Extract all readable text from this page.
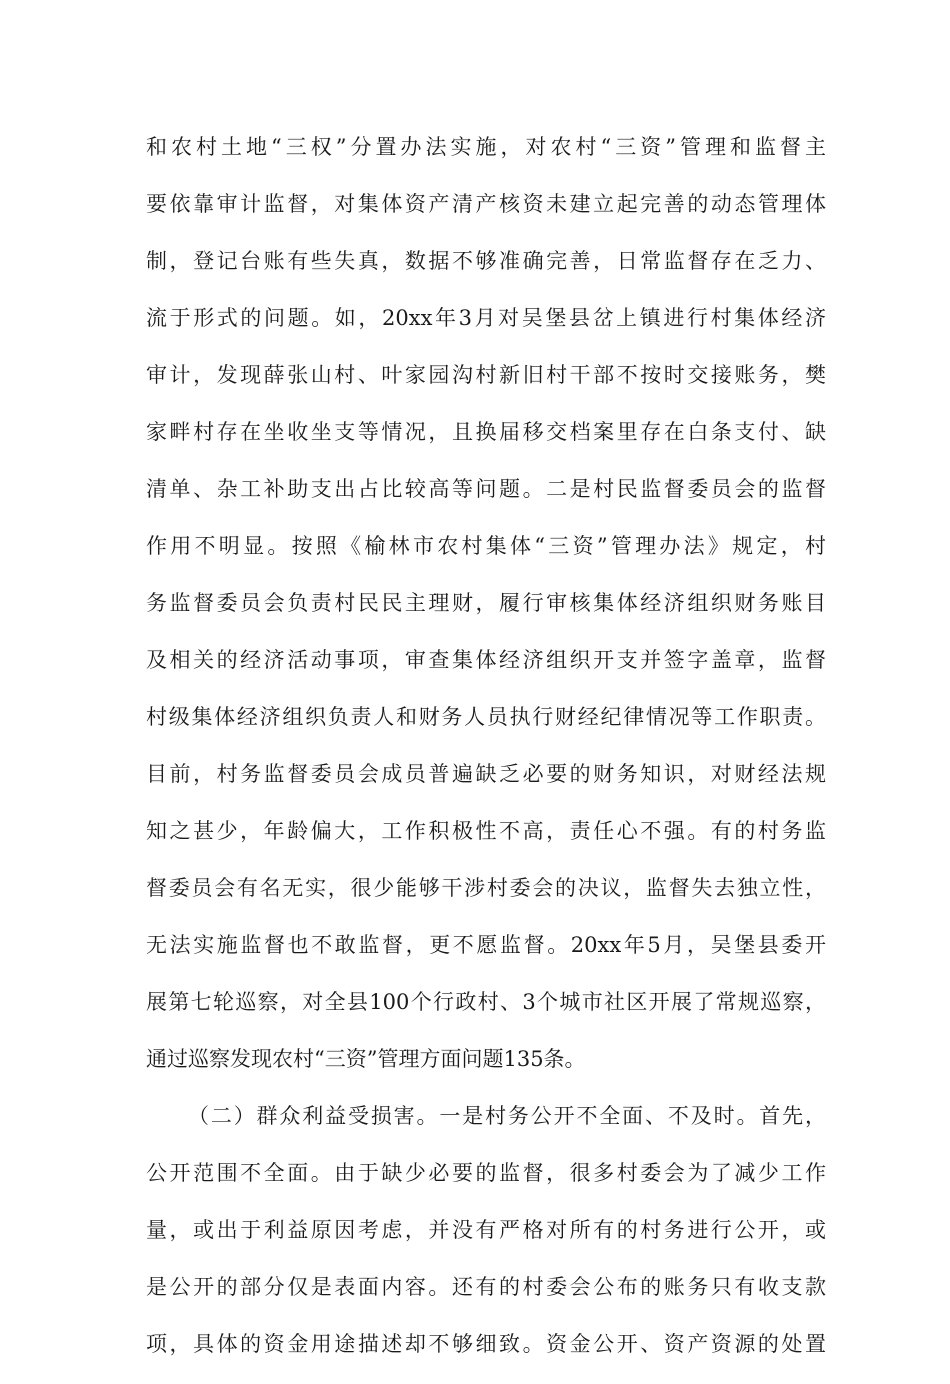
和农村土地“三权”分置办法实施，对农村“三资”管理和监督主
要依靠审计监督，对集体资产清产核资未建立起完善的动态管理体
制，登记台账有些失真，数据不够准确完善，日常监督存在乏力、
流于形式的问题。如，20xx年3月对吴堡县岔上镇进行村集体经济
审计，发现薛张山村、叶家园沟村新旧村干部不按时交接账务，樊
家畔村存在坐收坐支等情况，且换届移交档案里存在白条支付、缺
清单、杂工补助支出占比较高等问题。二是村民监督委员会的监督
作用不明显。按照《榆林市农村集体“三资”管理办法》规定，村
务监督委员会负责村民民主理财，履行审核集体经济组织财务账目
及相关的经济活动事项，审查集体经济组织开支并签字盖章，监督
村级集体经济组织负责人和财务人员执行财经纪律情况等工作职责。
目前，村务监督委员会成员普遍缺乏必要的财务知识，对财经法规
知之甚少，年龄偏大，工作积极性不高，责任心不强。有的村务监
督委员会有名无实，很少能够干涉村委会的决议，监督失去独立性，
无法实施监督也不敢监督，更不愿监督。20xx年5月，吴堡县委开
展第七轮巡察，对全县100个行政村、3个城市社区开展了常规巡察，
通过巡察发现农村“三资”管理方面问题135条。
（二）群众利益受损害。一是村务公开不全面、不及时。首先，
公开范围不全面。由于缺少必要的监督，很多村委会为了减少工作
量，或出于利益原因考虑，并没有严格对所有的村务进行公开，或
是公开的部分仅是表面内容。还有的村委会公布的账务只有收支款
项，具体的资金用途描述却不够细致。资金公开、资产资源的处置
